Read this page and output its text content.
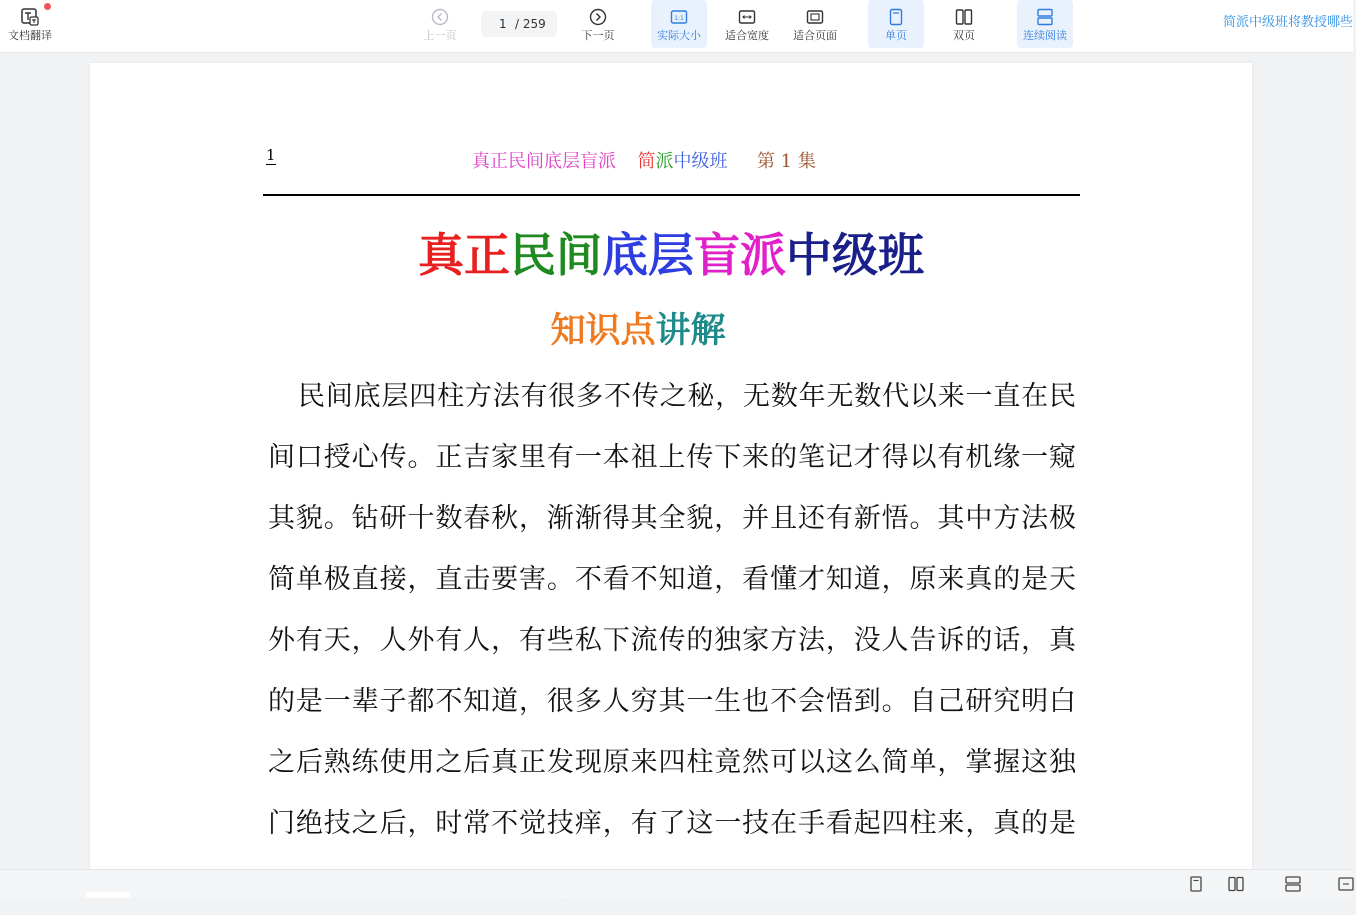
文档翻译	上一页
1 / 259
下一页
1:1
实际大小 适合宽度 适合页面	单页	双页	连续阅读
简派中级班将教授哪些
1	真正民间底层盲派 简派中级班 第 1 集
真正民间底层盲派中级班
知识点讲解

民间底层四柱方法有很多不传之秘，无数年无数代以来一直在民间口授心传。正吉家里有一本祖上传下来的笔记才得以有机缘一窥其貌。钻研十数春秋，渐渐得其全貌，并且还有新悟。其中方法极简单极直接，直击要害。不看不知道，看懂才知道，原来真的是天外有天，人外有人，有些私下流传的独家方法，没人告诉的话，真的是一辈子都不知道，很多人穷其一生也不会悟到。自己研究明白之后熟练使用之后真正发现原来四柱竟然可以这么简单，掌握这独门绝技之后，时常不觉技痒，有了这一技在手看起四柱来，真的是
